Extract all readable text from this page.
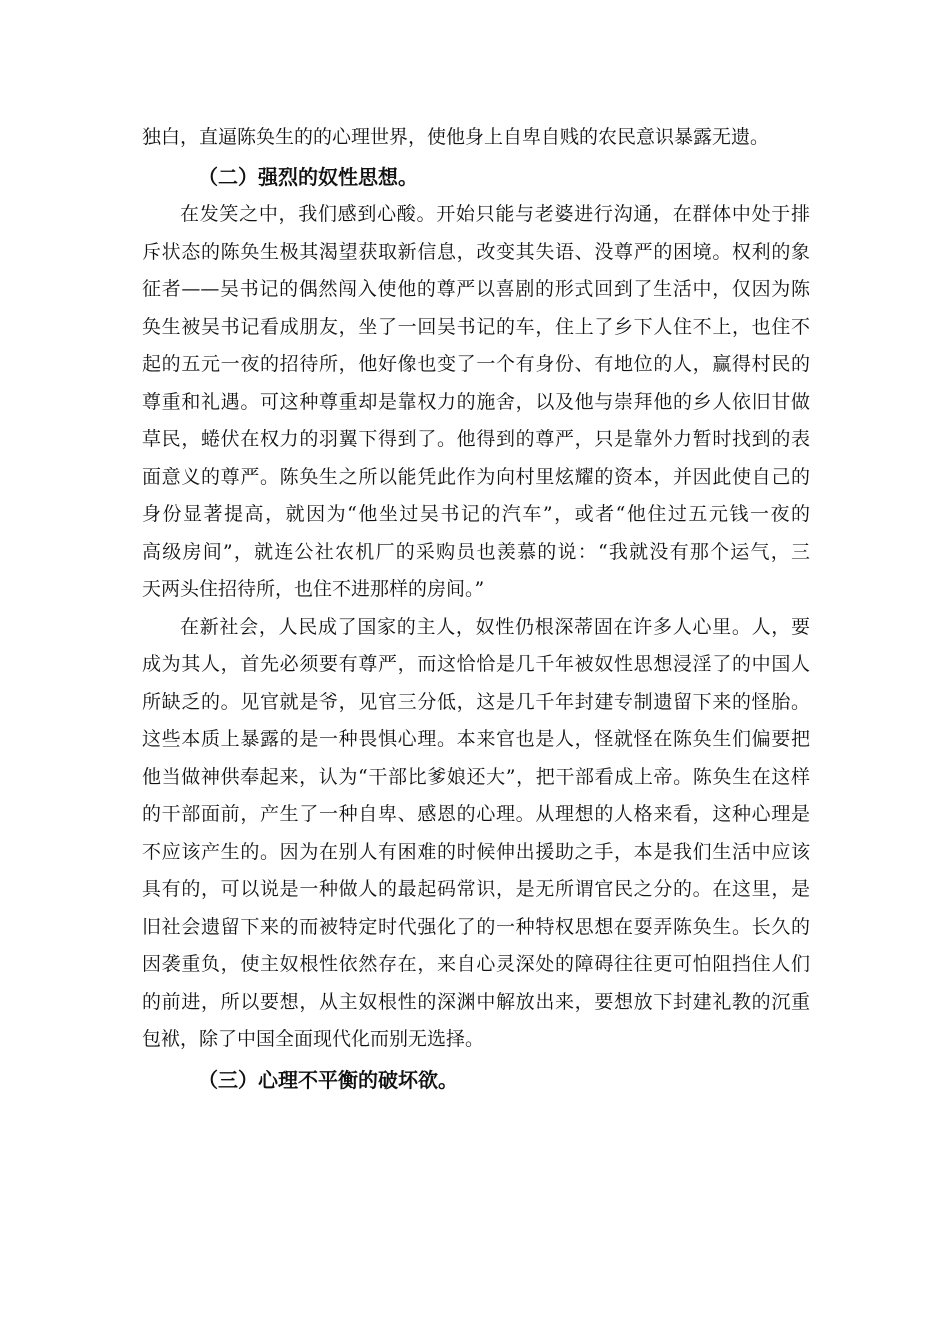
独白，直逼陈奂生的的心理世界，使他身上自卑自贱的农民意识暴露无遗。

（二）强烈的奴性思想。

在发笑之中，我们感到心酸。开始只能与老婆进行沟通，在群体中处于排
斥状态的陈奂生极其渴望获取新信息，改变其失语、没尊严的困境。权利的象
征者——吴书记的偶然闯入使他的尊严以喜剧的形式回到了生活中，仅因为陈
奂生被吴书记看成朋友，坐了一回吴书记的车，住上了乡下人住不上，也住不
起的五元一夜的招待所，他好像也变了一个有身份、有地位的人，赢得村民的
尊重和礼遇。可这种尊重却是靠权力的施舍，以及他与崇拜他的乡人依旧甘做
草民，蜷伏在权力的羽翼下得到了。他得到的尊严，只是靠外力暂时找到的表
面意义的尊严。陈奂生之所以能凭此作为向村里炫耀的资本，并因此使自己的
身份显著提高，就因为“他坐过吴书记的汽车”，或者“他住过五元钱一夜的
高级房间”，就连公社农机厂的采购员也羡慕的说：“我就没有那个运气，三
天两头住招待所，也住不进那样的房间。”

在新社会，人民成了国家的主人，奴性仍根深蒂固在许多人心里。人，要
成为其人，首先必须要有尊严，而这恰恰是几千年被奴性思想浸淫了的中国人
所缺乏的。见官就是爷，见官三分低，这是几千年封建专制遗留下来的怪胎。
这些本质上暴露的是一种畏惧心理。本来官也是人，怪就怪在陈奂生们偏要把
他当做神供奉起来，认为“干部比爹娘还大”，把干部看成上帝。陈奂生在这样
的干部面前，产生了一种自卑、感恩的心理。从理想的人格来看，这种心理是
不应该产生的。因为在别人有困难的时候伸出援助之手，本是我们生活中应该
具有的，可以说是一种做人的最起码常识，是无所谓官民之分的。在这里，是
旧社会遗留下来的而被特定时代强化了的一种特权思想在耍弄陈奂生。长久的
因袭重负，使主奴根性依然存在，来自心灵深处的障碍往往更可怕阻挡住人们
的前进，所以要想，从主奴根性的深渊中解放出来，要想放下封建礼教的沉重
包袱，除了中国全面现代化而别无选择。

（三）心理不平衡的破坏欲。
